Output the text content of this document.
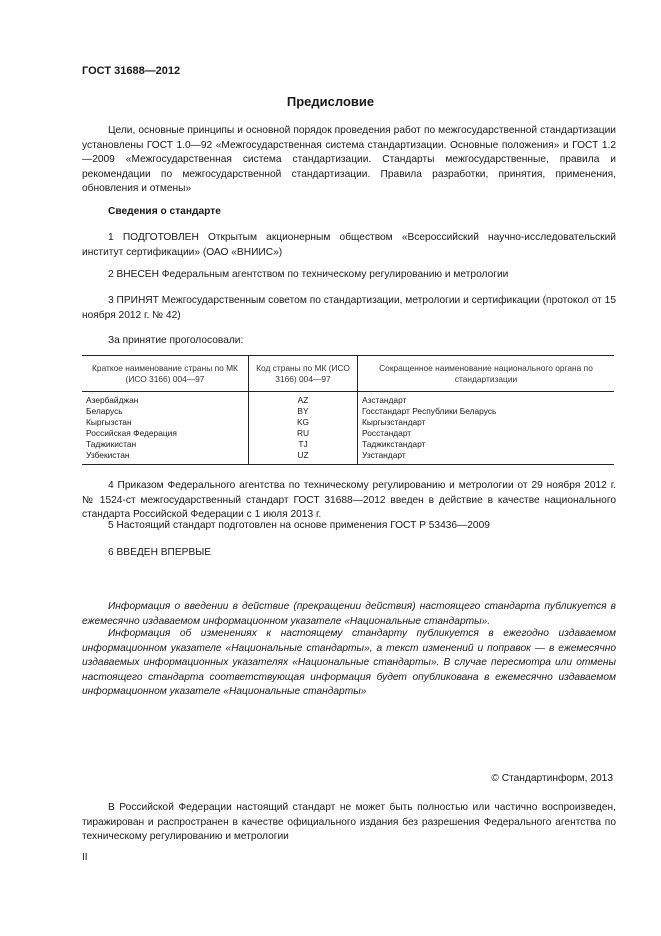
ГОСТ 31688—2012
Предисловие
Цели, основные принципы и основной порядок проведения работ по межгосударственной стандартизации установлены ГОСТ 1.0—92 «Межгосударственная система стандартизации. Основные положения» и ГОСТ 1.2—2009 «Межгосударственная система стандартизации. Стандарты межгосударственные, правила и рекомендации по межгосударственной стандартизации. Правила разработки, принятия, применения, обновления и отмены»
Сведения о стандарте
1 ПОДГОТОВЛЕН Открытым акционерным обществом «Всероссийский научно-исследовательский институт сертификации» (ОАО «ВНИИС»)
2 ВНЕСЕН Федеральным агентством по техническому регулированию и метрологии
3 ПРИНЯТ Межгосударственным советом по стандартизации, метрологии и сертификации (протокол от 15 ноября 2012 г. № 42)
За принятие проголосовали:
Краткое наименование страны по МК (ИСО 3166) 004—97	Код страны по МК (ИСО 3166) 004—97	Сокращенное наименование национального органа по стандартизации
Азербайджан	AZ	Азстандарт
Беларусь	BY	Госстандарт Республики Беларусь
Кыргызстан	KG	Кыргызстандарт
Российская Федерация	RU	Росстандарт
Таджикистан	TJ	Таджикстандарт
Узбекистан	UZ	Узстандарт
4 Приказом Федерального агентства по техническому регулированию и метрологии от 29 ноября 2012 г. № 1524-ст межгосударственный стандарт ГОСТ 31688—2012 введен в действие в качестве национального стандарта Российской Федерации с 1 июля 2013 г.
5 Настоящий стандарт подготовлен на основе применения ГОСТ Р 53436—2009
6 ВВЕДЕН ВПЕРВЫЕ
Информация о введении в действие (прекращении действия) настоящего стандарта публикуется в ежемесячно издаваемом информационном указателе «Национальные стандарты».
Информация об изменениях к настоящему стандарту публикуется в ежегодно издаваемом информационном указателе «Национальные стандарты», а текст изменений и поправок — в ежемесячно издаваемых информационных указателях «Национальные стандарты». В случае пересмотра или отмены настоящего стандарта соответствующая информация будет опубликована в ежемесячно издаваемом информационном указателе «Национальные стандарты»
© Стандартинформ, 2013
В Российской Федерации настоящий стандарт не может быть полностью или частично воспроизведен, тиражирован и распространен в качестве официального издания без разрешения Федерального агентства по техническому регулированию и метрологии
II
